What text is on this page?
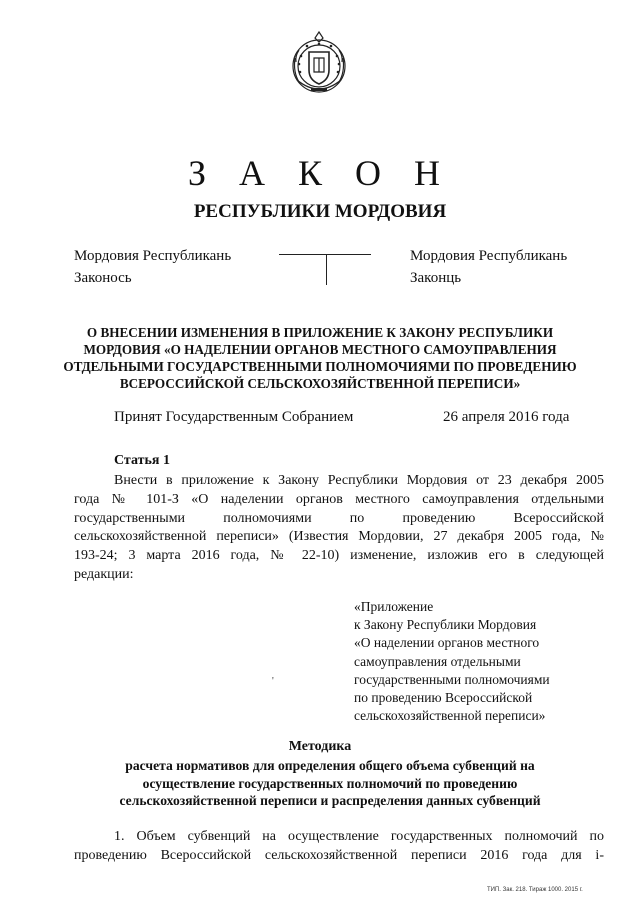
З А К О Н
РЕСПУБЛИКИ МОРДОВИЯ
Мордовия Республикань
Законось
Мордовия Республикань
Законць
О ВНЕСЕНИИ ИЗМЕНЕНИЯ В ПРИЛОЖЕНИЕ К ЗАКОНУ РЕСПУБЛИКИ
МОРДОВИЯ «О НАДЕЛЕНИИ ОРГАНОВ МЕСТНОГО САМОУПРАВЛЕНИЯ
ОТДЕЛЬНЫМИ ГОСУДАРСТВЕННЫМИ ПОЛНОМОЧИЯМИ ПО ПРОВЕДЕНИЮ
ВСЕРОССИЙСКОЙ СЕЛЬСКОХОЗЯЙСТВЕННОЙ ПЕРЕПИСИ»
Принят Государственным Собранием	26 апреля 2016 года
Статья 1
Внести в приложение к Закону Республики Мордовия от 23 декабря 2005
года № 101-З «О наделении органов местного самоуправления отдельными
государственными полномочиями по проведению Всероссийской
сельскохозяйственной переписи» (Известия Мордовии, 27 декабря 2005 года, №
193-24; 3 марта 2016 года, № 22-10) изменение, изложив его в следующей
редакции:
«Приложение
к Закону Республики Мордовия
«О наделении органов местного
самоуправления отдельными
государственными полномочиями
по проведению Всероссийской
сельскохозяйственной переписи»
'
Методика
расчета нормативов для определения общего объема субвенций на
осуществление государственных полномочий по проведению
сельскохозяйственной переписи и распределения данных субвенций
1. Объем субвенций на осуществление государственных полномочий по
проведению Всероссийской сельскохозяйственной переписи 2016 года для i-
ТИП. Зак. 218. Тираж 1000. 2015 г.
